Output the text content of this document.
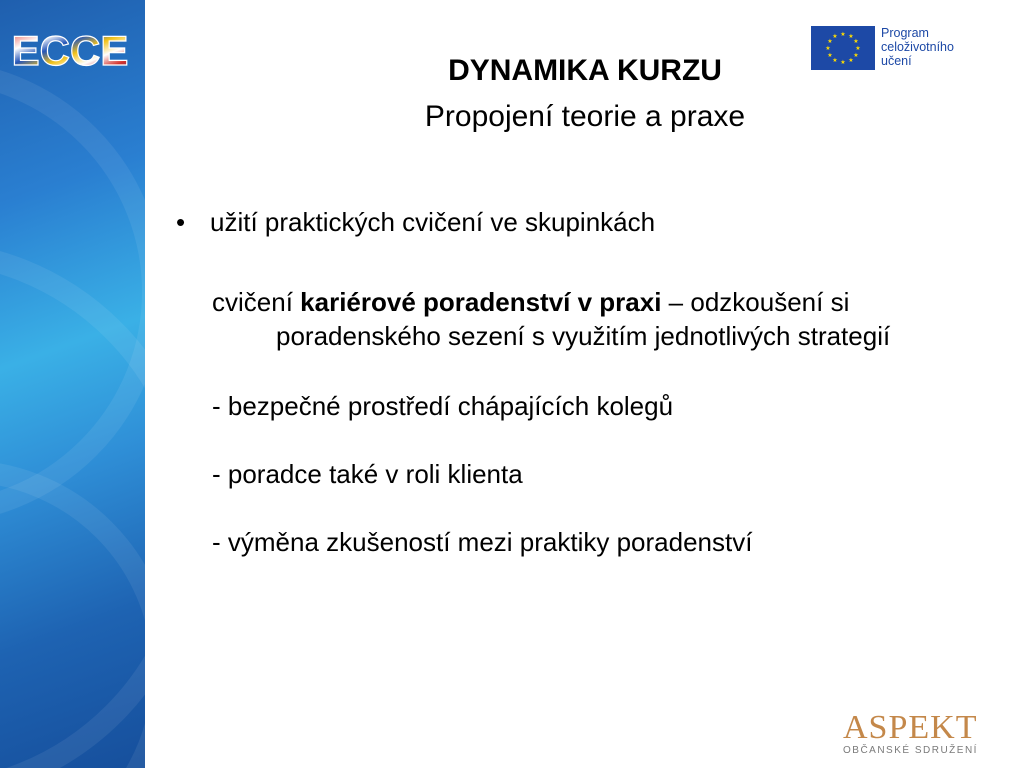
ECCE	★ ★
★
★
★
★
★
★
★
★
★
★	Program
celoživotního
učení
DYNAMIKA KURZU
Propojení teorie a praxe
• užití praktických cvičení ve skupinkách
cvičení kariérové poradenství v praxi – odzkoušení si poradenského sezení s využitím jednotlivých strategií
- bezpečné prostředí chápajících kolegů
- poradce také v roli klienta
- výměna zkušeností mezi praktiky poradenství
ASPEKT
OBČANSKÉ SDRUŽENÍ
